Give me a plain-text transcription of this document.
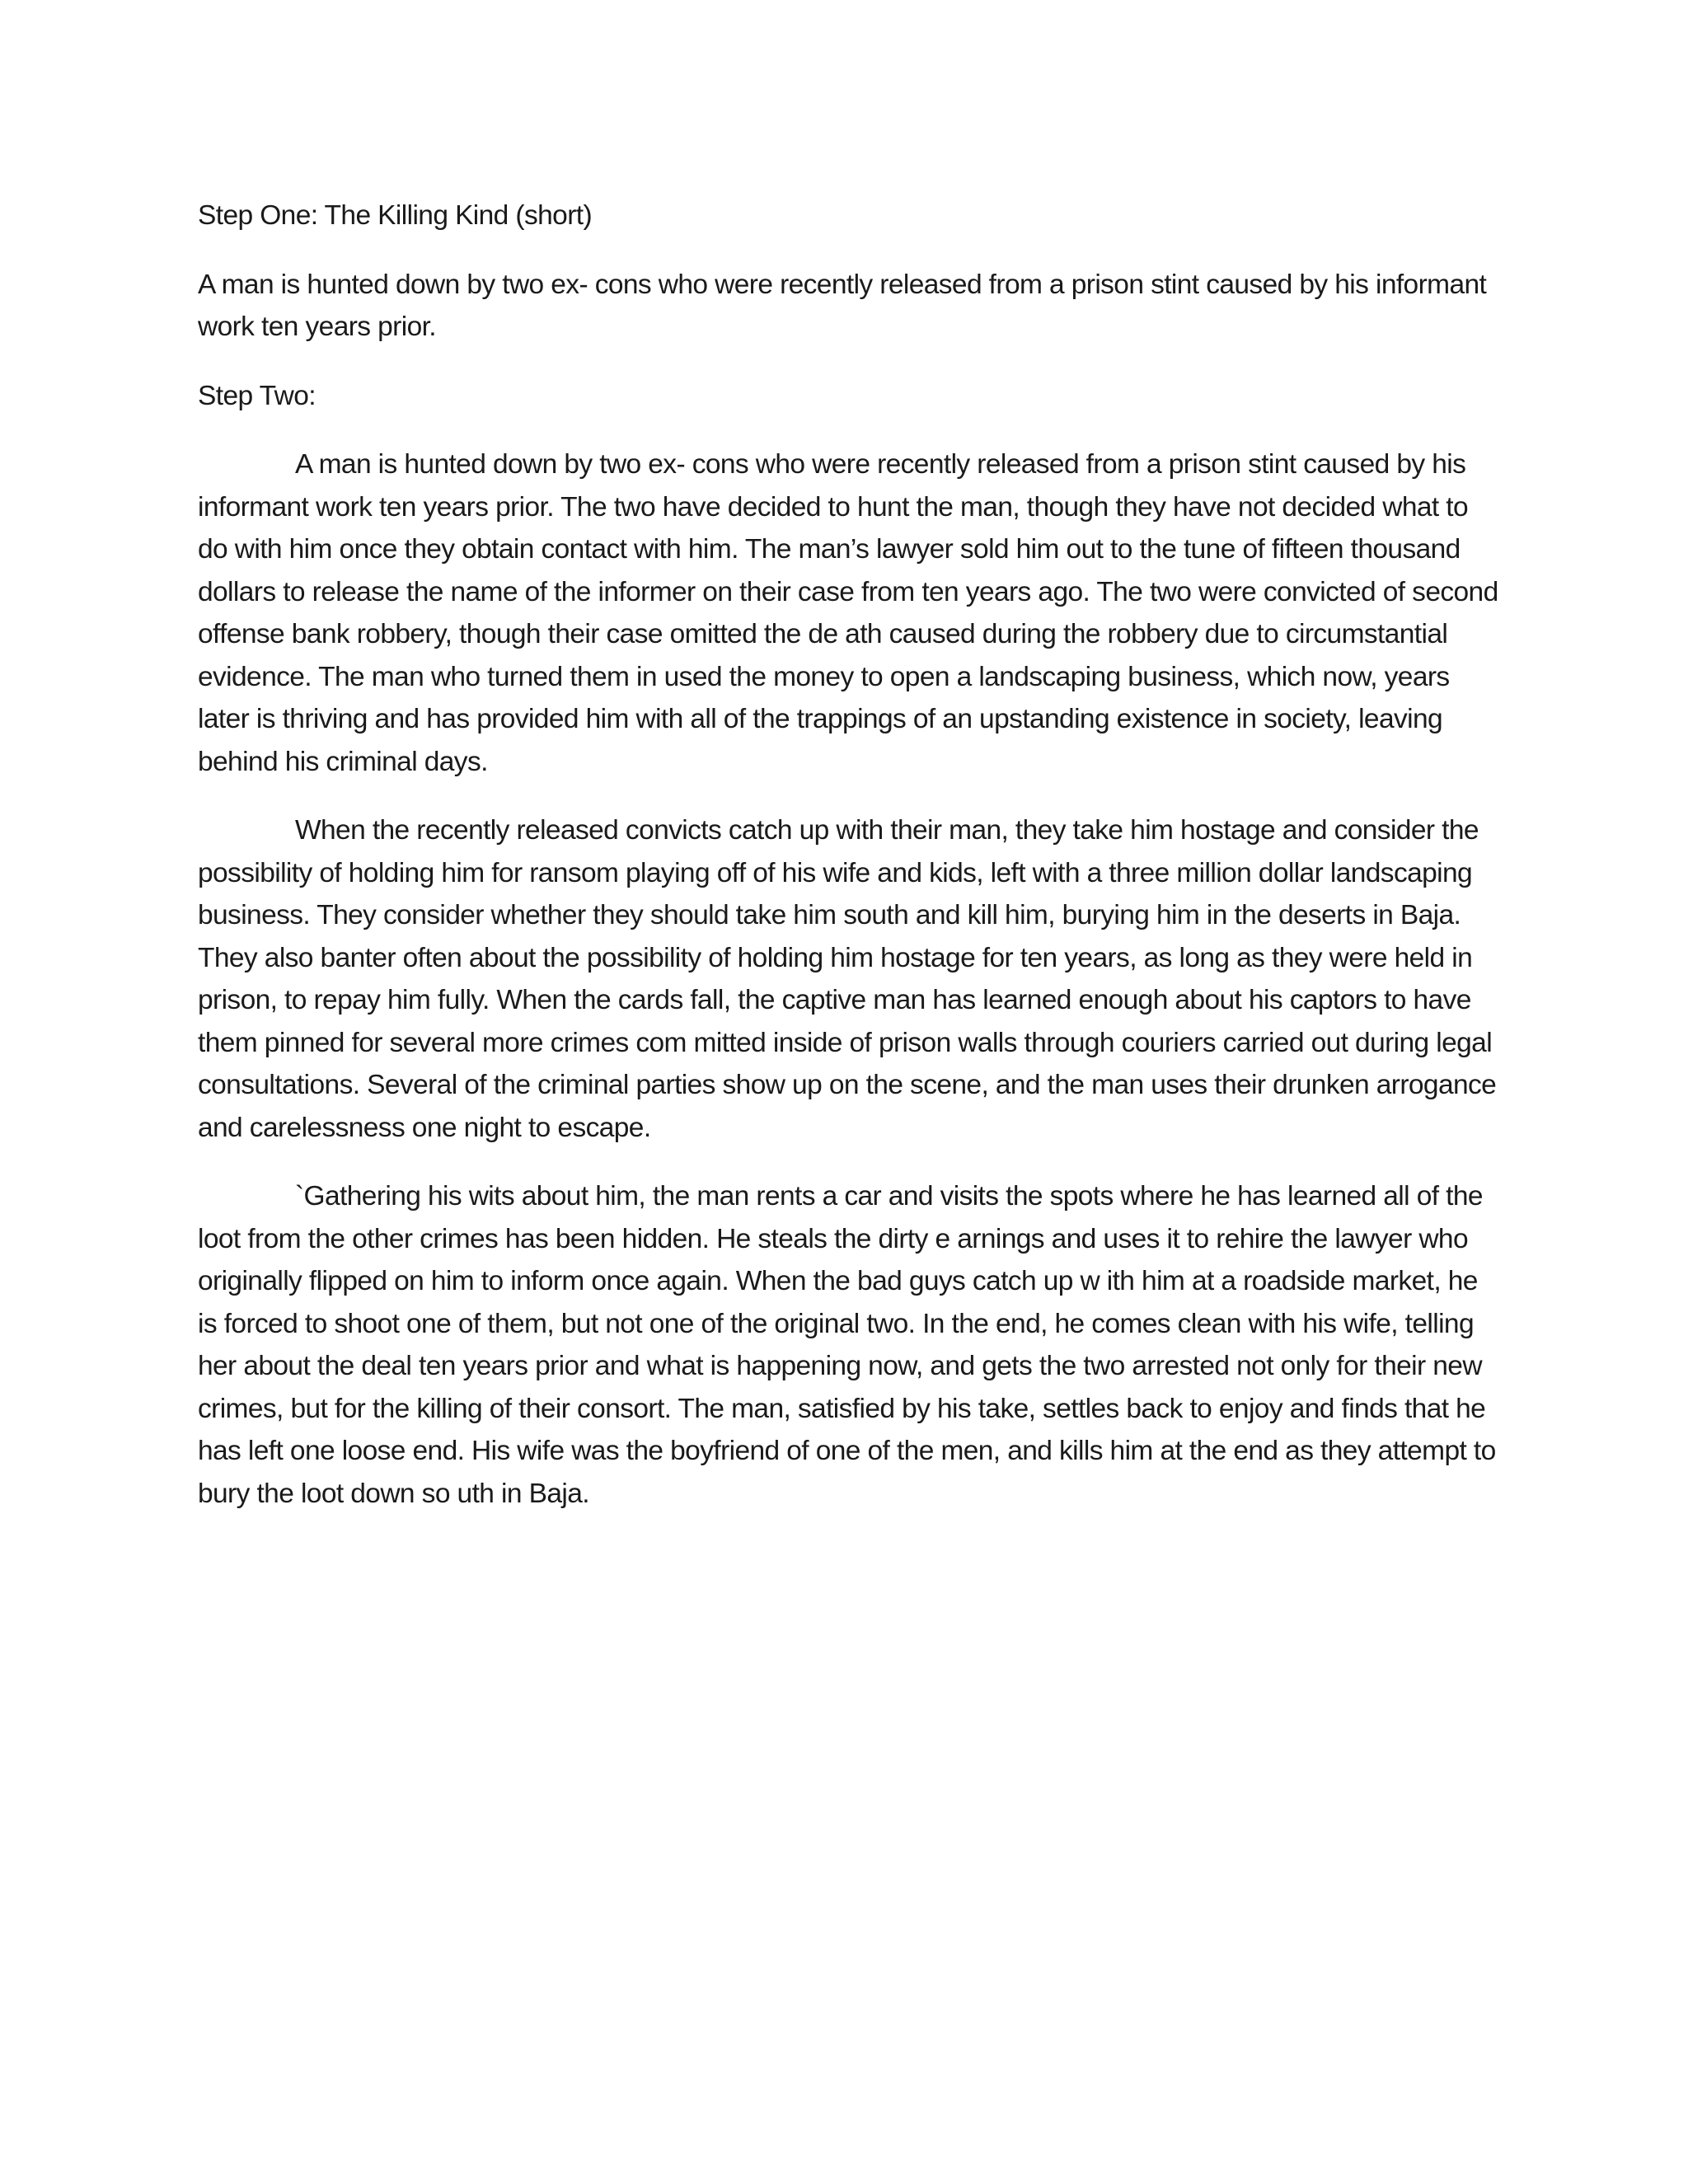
Step One: The Killing Kind (short)

A man is hunted down by two ex- cons who were recently released from a prison stint caused by his informant work ten years prior.

Step Two:

A man is hunted down by two ex- cons who were recently released from a prison stint caused by his informant work ten years prior. The two have decided to hunt the man, though they have not decided what to do with him once they obtain contact with him. The man’s lawyer sold him out to the tune of fifteen thousand dollars to release the name of the informer on their case from ten years ago. The two were convicted of second offense bank robbery, though their case omitted the de ath caused during the robbery due to circumstantial evidence. The man who turned them in used the money to open a landscaping business, which now, years later is thriving and has provided him with all of the trappings of an upstanding existence in society, leaving behind his criminal days.

When the recently released convicts catch up with their man, they take him hostage and consider the possibility of holding him for ransom playing off of his wife and kids, left with a three million dollar landscaping business. They consider whether they should take him south and kill him, burying him in the deserts in Baja. They also banter often about the possibility of holding him hostage for ten years, as long as they were held in prison, to repay him fully. When the cards fall, the captive man has learned enough about his captors to have them pinned for several more crimes com mitted inside of prison walls through couriers carried out during legal consultations. Several of the criminal parties show up on the scene, and the man uses their drunken arrogance and carelessness one night to escape.

`Gathering his wits about him, the man rents a car and visits the spots where he has learned all of the loot from the other crimes has been hidden. He steals the dirty e arnings and uses it to rehire the lawyer who originally flipped on him to inform once again. When the bad guys catch up w ith him at a roadside market, he is forced to shoot one of them, but not one of the original two. In the end, he comes clean with his wife, telling her about the deal ten years prior and what is happening now, and gets the two arrested not only for their new crimes, but for the killing of their consort. The man, satisfied by his take, settles back to enjoy and finds that he has left one loose end. His wife was the boyfriend of one of the men, and kills him at the end as they attempt to bury the loot down so uth in Baja.
